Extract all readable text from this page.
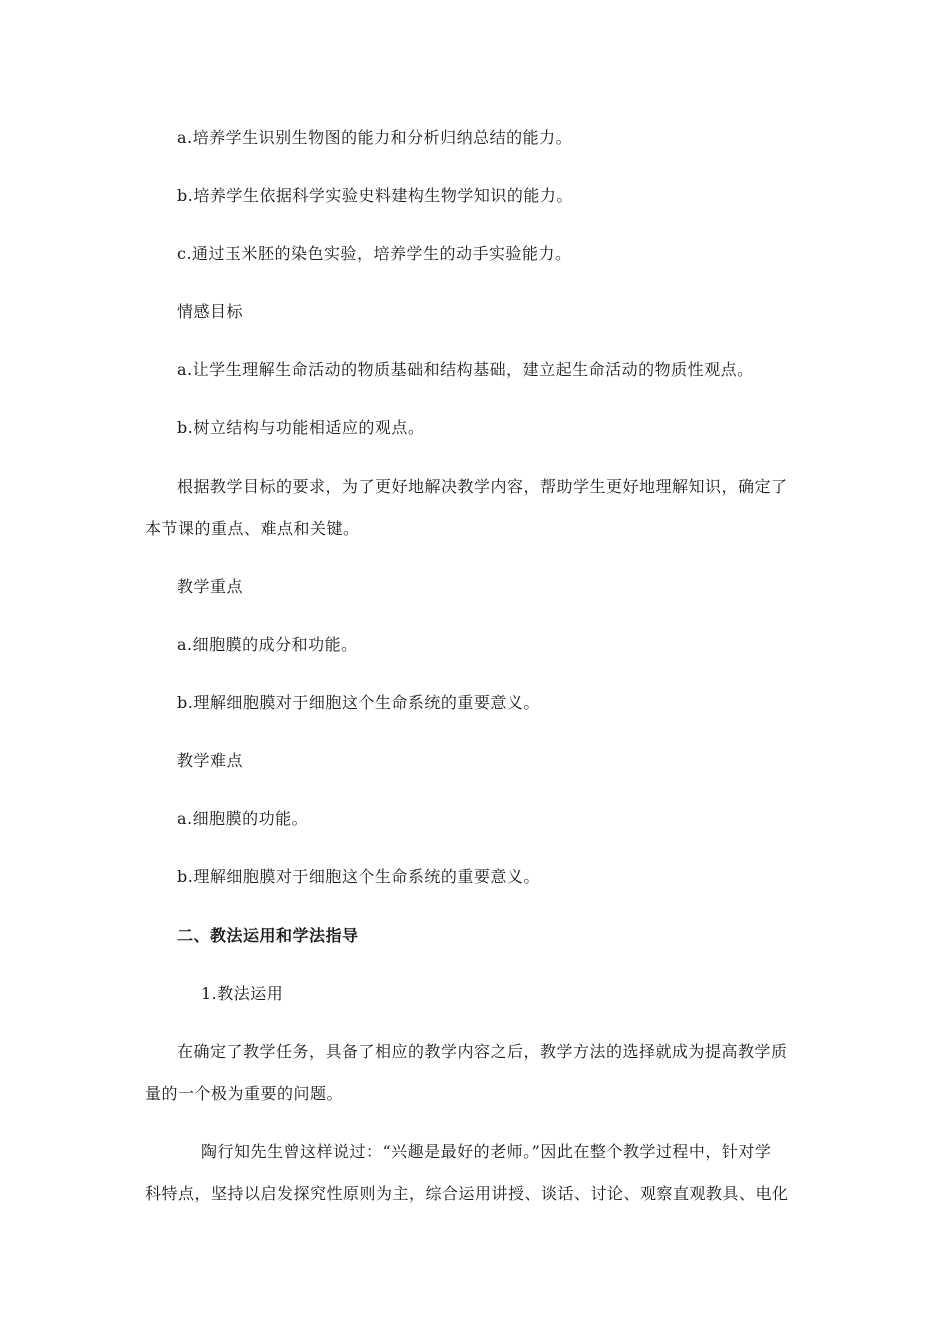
a.培养学生识别生物图的能力和分析归纳总结的能力。
b.培养学生依据科学实验史料建构生物学知识的能力。
c.通过玉米胚的染色实验，培养学生的动手实验能力。
情感目标
a.让学生理解生命活动的物质基础和结构基础，建立起生命活动的物质性观点。
b.树立结构与功能相适应的观点。
根据教学目标的要求，为了更好地解决教学内容，帮助学生更好地理解知识，确定了
本节课的重点、难点和关键。
教学重点
a.细胞膜的成分和功能。
b.理解细胞膜对于细胞这个生命系统的重要意义。
教学难点
a.细胞膜的功能。
b.理解细胞膜对于细胞这个生命系统的重要意义。
二、教法运用和学法指导
1.教法运用
在确定了教学任务，具备了相应的教学内容之后，教学方法的选择就成为提高教学质
量的一个极为重要的问题。
陶行知先生曾这样说过：“兴趣是最好的老师。”因此在整个教学过程中，针对学
科特点，坚持以启发探究性原则为主，综合运用讲授、谈话、讨论、观察直观教具、电化
